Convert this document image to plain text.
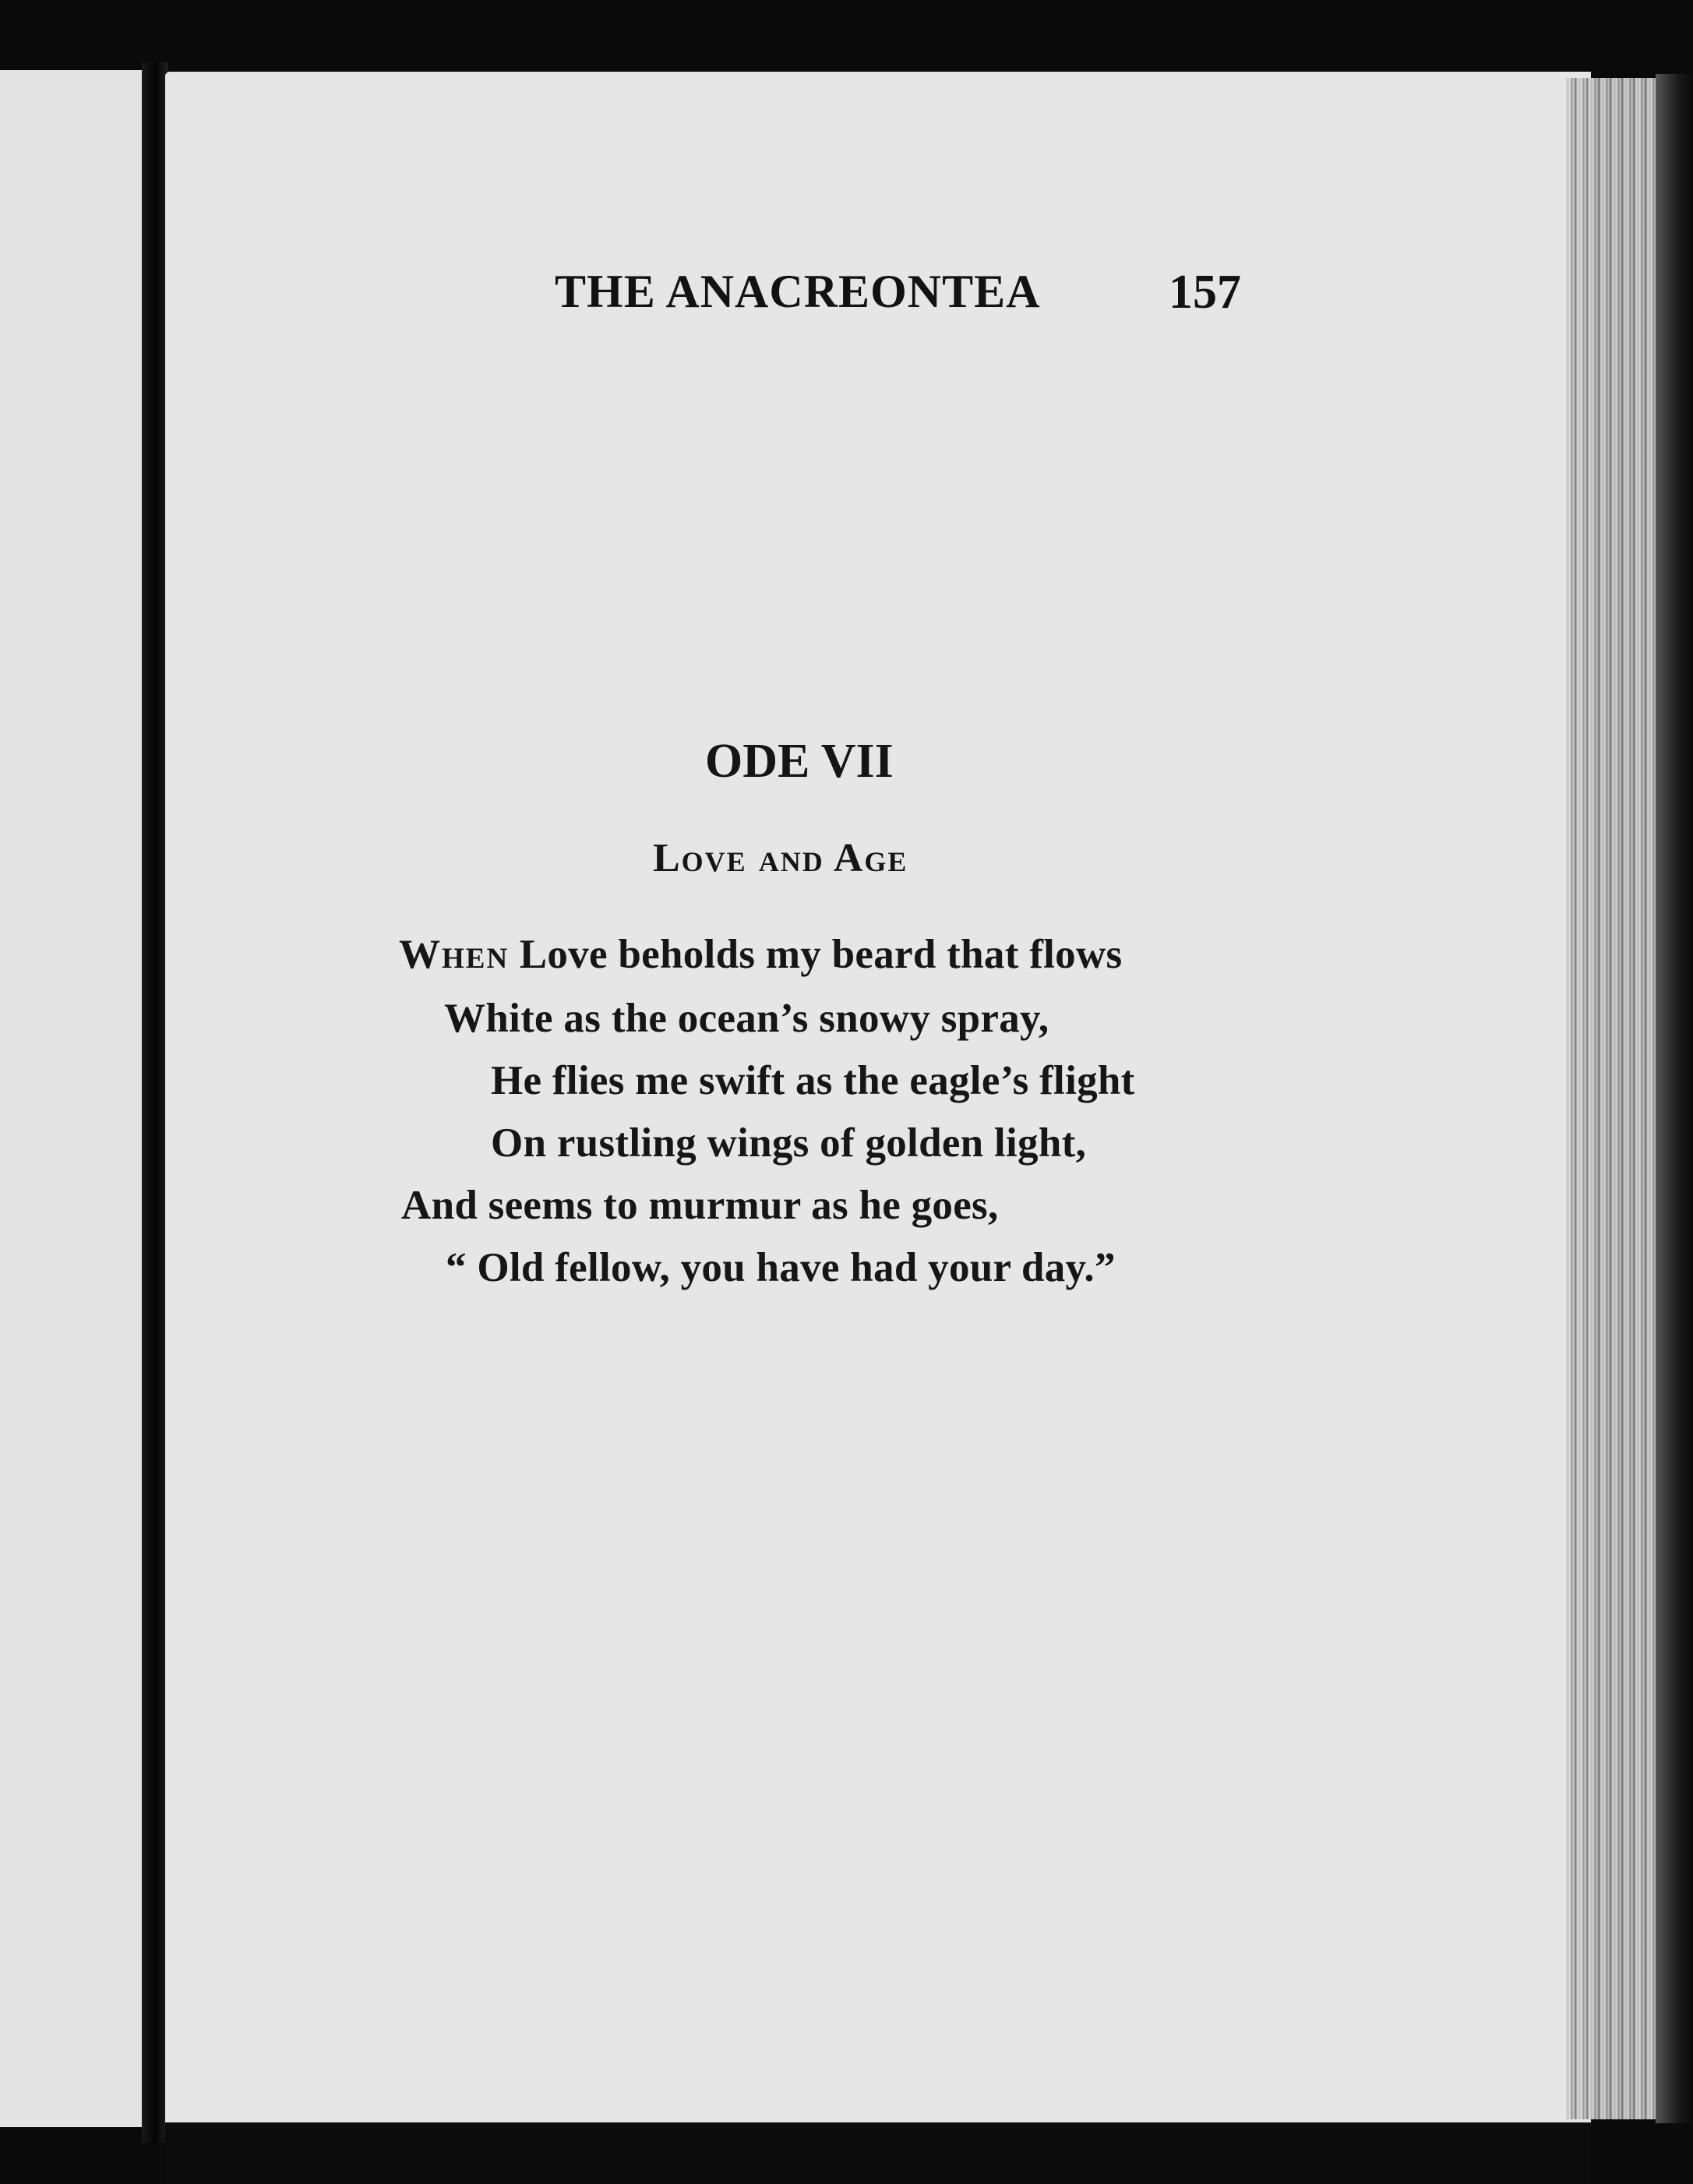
THE ANACREONTEA	157
ODE VII
Love and Age
When Love beholds my beard that flows
White as the ocean’s snowy spray,
He flies me swift as the eagle’s flight
On rustling wings of golden light,
And seems to murmur as he goes,
“ Old fellow, you have had your day.”
